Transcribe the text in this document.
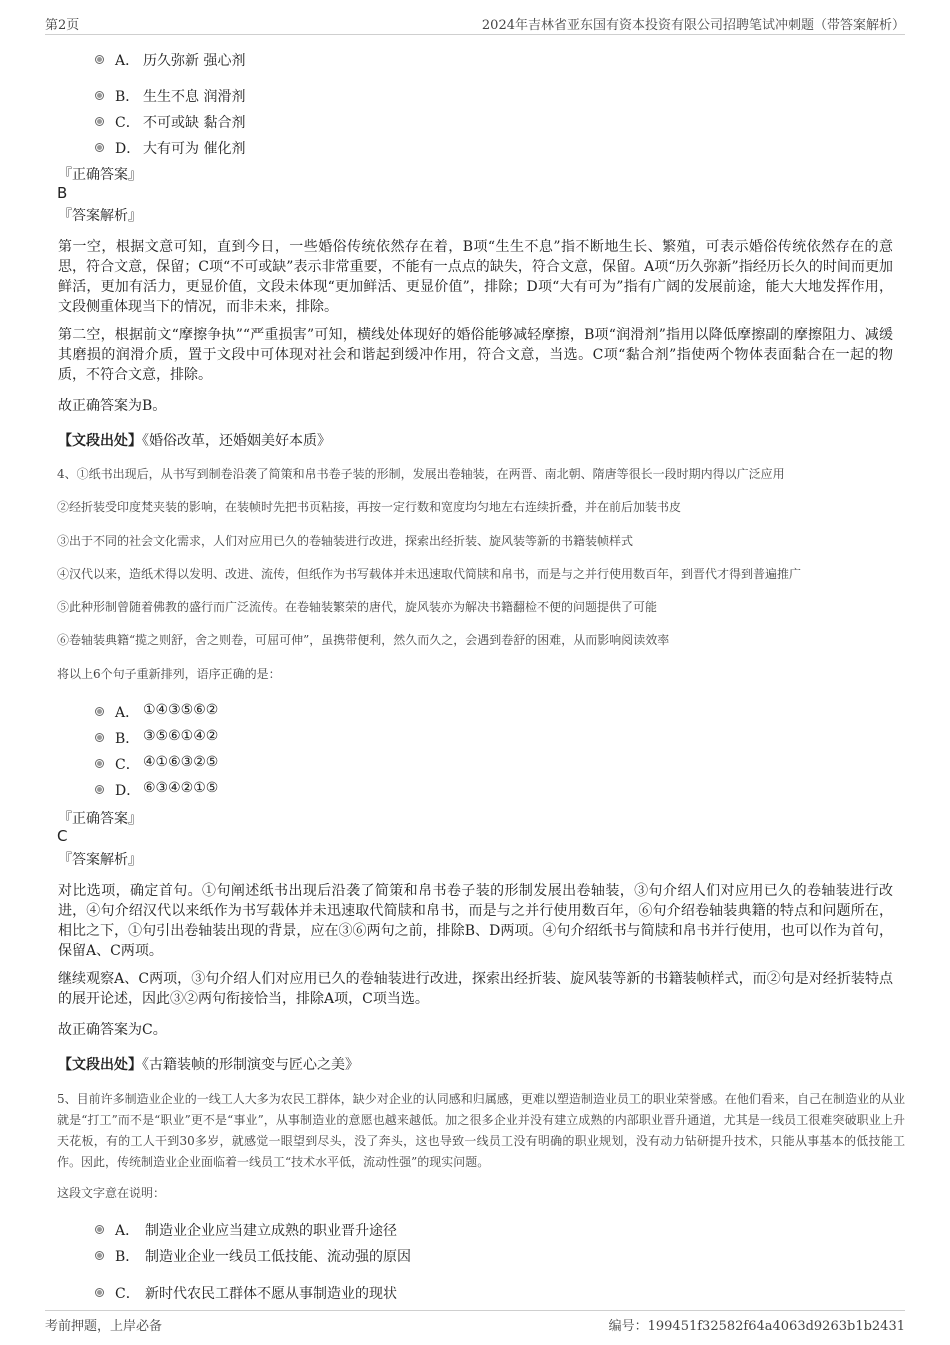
第2页	2024年吉林省亚东国有资本投资有限公司招聘笔试冲刺题（带答案解析）
A． 历久弥新 强心剂
B． 生生不息 润滑剂
C． 不可或缺 黏合剂
D． 大有可为 催化剂
『正确答案』
B
『答案解析』
第一空，根据文意可知，直到今日，一些婚俗传统依然存在着，B项“生生不息”指不断地生长、繁殖，可表示婚俗传统依然存在的意思，符合文意，保留；C项“不可或缺”表示非常重要，不能有一点点的缺失，符合文意，保留。A项“历久弥新”指经历长久的时间而更加鲜活，更加有活力，更显价值，文段未体现“更加鲜活、更显价值”，排除；D项“大有可为”指有广阔的发展前途，能大大地发挥作用，文段侧重体现当下的情况，而非未来，排除。
第二空，根据前文“摩擦争执”“严重损害”可知，横线处体现好的婚俗能够减轻摩擦，B项“润滑剂”指用以降低摩擦副的摩擦阻力、减缓其磨损的润滑介质，置于文段中可体现对社会和谐起到缓冲作用，符合文意，当选。C项“黏合剂”指使两个物体表面黏合在一起的物质，不符合文意，排除。
故正确答案为B。
【文段出处】《婚俗改革，还婚姻美好本质》
4、①纸书出现后，从书写到制卷沿袭了简策和帛书卷子装的形制，发展出卷轴装，在两晋、南北朝、隋唐等很长一段时期内得以广泛应用
②经折装受印度梵夹装的影响，在装帧时先把书页粘接，再按一定行数和宽度均匀地左右连续折叠，并在前后加装书皮
③出于不同的社会文化需求，人们对应用已久的卷轴装进行改进，探索出经折装、旋风装等新的书籍装帧样式
④汉代以来，造纸术得以发明、改进、流传，但纸作为书写载体并未迅速取代简牍和帛书，而是与之并行使用数百年，到晋代才得到普遍推广
⑤此种形制曾随着佛教的盛行而广泛流传。在卷轴装繁荣的唐代，旋风装亦为解决书籍翻检不便的问题提供了可能
⑥卷轴装典籍“揽之则舒，舍之则卷，可屈可伸”，虽携带便利，然久而久之，会遇到卷舒的困难，从而影响阅读效率
将以上6个句子重新排列，语序正确的是：
A． ①④③⑤⑥②
B． ③⑤⑥①④②
C． ④①⑥③②⑤
D． ⑥③④②①⑤
『正确答案』
C
『答案解析』
对比选项，确定首句。①句阐述纸书出现后沿袭了简策和帛书卷子装的形制发展出卷轴装，③句介绍人们对应用已久的卷轴装进行改进，④句介绍汉代以来纸作为书写载体并未迅速取代简牍和帛书，而是与之并行使用数百年，⑥句介绍卷轴装典籍的特点和问题所在，相比之下，①句引出卷轴装出现的背景，应在③⑥两句之前，排除B、D两项。④句介绍纸书与简牍和帛书并行使用，也可以作为首句，保留A、C两项。
继续观察A、C两项，③句介绍人们对应用已久的卷轴装进行改进，探索出经折装、旋风装等新的书籍装帧样式，而②句是对经折装特点的展开论述，因此③②两句衔接恰当，排除A项，C项当选。
故正确答案为C。
【文段出处】《古籍装帧的形制演变与匠心之美》
5、目前许多制造业企业的一线工人大多为农民工群体，缺少对企业的认同感和归属感，更难以塑造制造业员工的职业荣誉感。在他们看来，自己在制造业的从业就是“打工”而不是“职业”更不是“事业”，从事制造业的意愿也越来越低。加之很多企业并没有建立成熟的内部职业晋升通道，尤其是一线员工很难突破职业上升天花板，有的工人干到30多岁，就感觉一眼望到尽头，没了奔头，这也导致一线员工没有明确的职业规划，没有动力钻研提升技术，只能从事基本的低技能工作。因此，传统制造业企业面临着一线员工“技术水平低，流动性强”的现实问题。
这段文字意在说明：
A． 制造业企业应当建立成熟的职业晋升途径
B． 制造业企业一线员工低技能、流动强的原因
C． 新时代农民工群体不愿从事制造业的现状
考前押题，上岸必备	编号：199451f32582f64a4063d9263b1b2431
